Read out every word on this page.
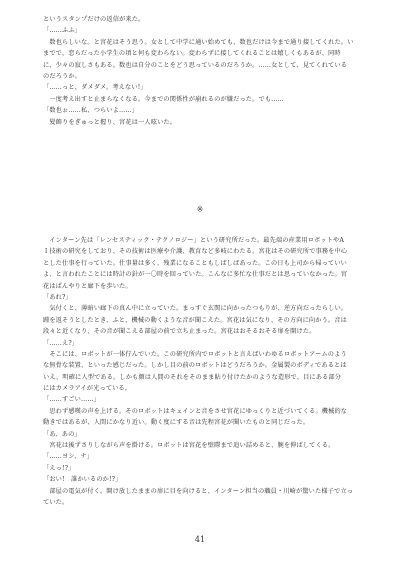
というスタンプだけの返信が来た。
「……ふふ」
　数也らしいな。と宮花はそう思う。女として中学に通い始めても、数也だけは今まで通り接してくれた。い
までで、恋らだった小学生の頃と何も変わらない。変わらずに接してくれることは嬉しくもあるが、同時
に、少々の寂しさもある。数也は自分のことをどう思っているのだろうか。……女として、見てくれている
のだろうか。
「……っと、ダメダメ。考えない!」
　一度考え出すと止まらなくなる。今までの関係性が崩れるのが嫌だった。でも……
「数也ぉ……私、つらいよ……」
　髪飾りをぎゅっと握り、宮花は一人呟いた。
※
　インターン先は「レンセスティック・テクノロジー」という研究所だった。最先端の産業用ロボットやA
Ｉ技術の研究をしており、その技術は医療や介護、教育など多岐にわたる。宮花はその研究所で事務を中心
とした仕事を行っていた。仕事量は多く、残業になることもしばしばあった。この日も上司から帰っていい
よ、と言われたことには時計の針が一〇時を回っていた。こんなに多忙な仕事だとは思っていなかった。宮
花はぱんやりと廊下を歩いた。
「あれ?」
　気付くと、薄暗い廊下の真ん中に立っていた。まっすぐ玄関に向かったつもりが、逆方向だったらしい。
踵を返そうとしたとき、ふと、機械の動くような音が聞こえた。宮花は気になり、その方向に向かう。音は
段々と近くなり、その音が聞こえる部屋の前で立ち止まった。宮花はおそるおそる扉を開けた。
「……え?」
　そこには、ロボットが一体佇んでいた。この研究所内でロボットと言えばいわゆるロボットアームのよう
な無骨な装置、といった感じだった。しかし目の前のロボットはどうだろうか。金属製のボディであるとは
いえ、明確に人型である。しかも顔は人間のそれをそのまま貼り付けたかのような造形で、目にある部分
にはカメラアイが光っている。
「……すごい……」
　思わず感嘆の声を上げる。そのロボットはキュインと音をさせ宮花にゆっくりと近づいてくる。機械的な
動きではあるが、人間にかなり近い。動く度にする音は先程宮花が聞いたものと同じだった。
「あ、あの」
　宮花は後ずさりしながら声を掛ける。ロボットは宮花を壁際まで追い詰めると、腕を伸ばしてくる。
「……ヨシ、ナ」
「えっ!?」
「おい!　誰かいるのか!?」
　部屋の電気が付く。開け放したままの扉に目を向けると、インターン担当の職員・川崎が驚いた様子で立っ
ていた。
41
